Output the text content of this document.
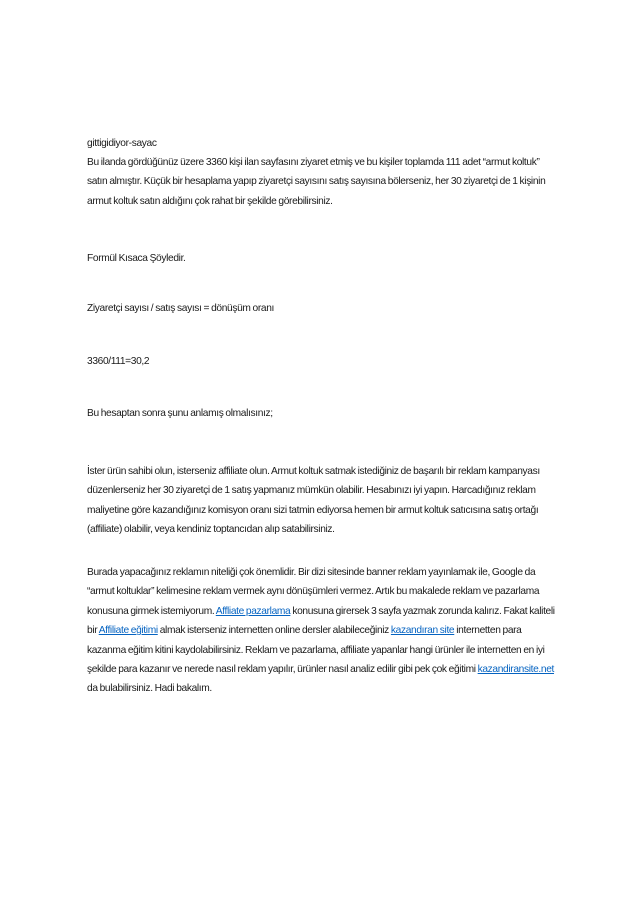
gittigidiyor-sayac
Bu ilanda gördüğünüz üzere 3360 kişi ilan sayfasını ziyaret etmiş ve bu kişiler toplamda 111 adet “armut koltuk” satın almıştır. Küçük bir hesaplama yapıp ziyaretçi sayısını satış sayısına bölerseniz, her 30 ziyaretçi de 1 kişinin armut koltuk satın aldığını çok rahat bir şekilde görebilirsiniz.
Formül Kısaca Şöyledir.
Ziyaretçi sayısı / satış sayısı = dönüşüm oranı
3360/111=30,2
Bu hesaptan sonra şunu anlamış olmalısınız;
İster ürün sahibi olun, isterseniz affiliate olun. Armut koltuk satmak istediğiniz de başarılı bir reklam kampanyası düzenlerseniz her 30 ziyaretçi de 1 satış yapmanız mümkün olabilir. Hesabınızı iyi yapın. Harcadığınız reklam maliyetine göre kazandığınız komisyon oranı sizi tatmin ediyorsa hemen bir armut koltuk satıcısına satış ortağı (affiliate) olabilir, veya kendiniz toptancıdan alıp satabilirsiniz.
Burada yapacağınız reklamın niteliği çok önemlidir. Bir dizi sitesinde banner reklam yayınlamak ile, Google da “armut koltuklar” kelimesine reklam vermek aynı dönüşümleri vermez. Artık bu makalede reklam ve pazarlama konusuna girmek istemiyorum. Affliate pazarlama konusuna girersek 3 sayfa yazmak zorunda kalırız. Fakat kaliteli bir Affiliate eğitimi almak isterseniz internetten online dersler alabileceğiniz kazandıran site internetten para kazanma eğitim kitini kaydolabilirsiniz. Reklam ve pazarlama, affiliate yapanlar hangi ürünler ile internetten en iyi şekilde para kazanır ve nerede nasıl reklam yapılır, ürünler nasıl analiz edilir gibi pek çok eğitimi kazandiransite.net da bulabilirsiniz. Hadi bakalım.
